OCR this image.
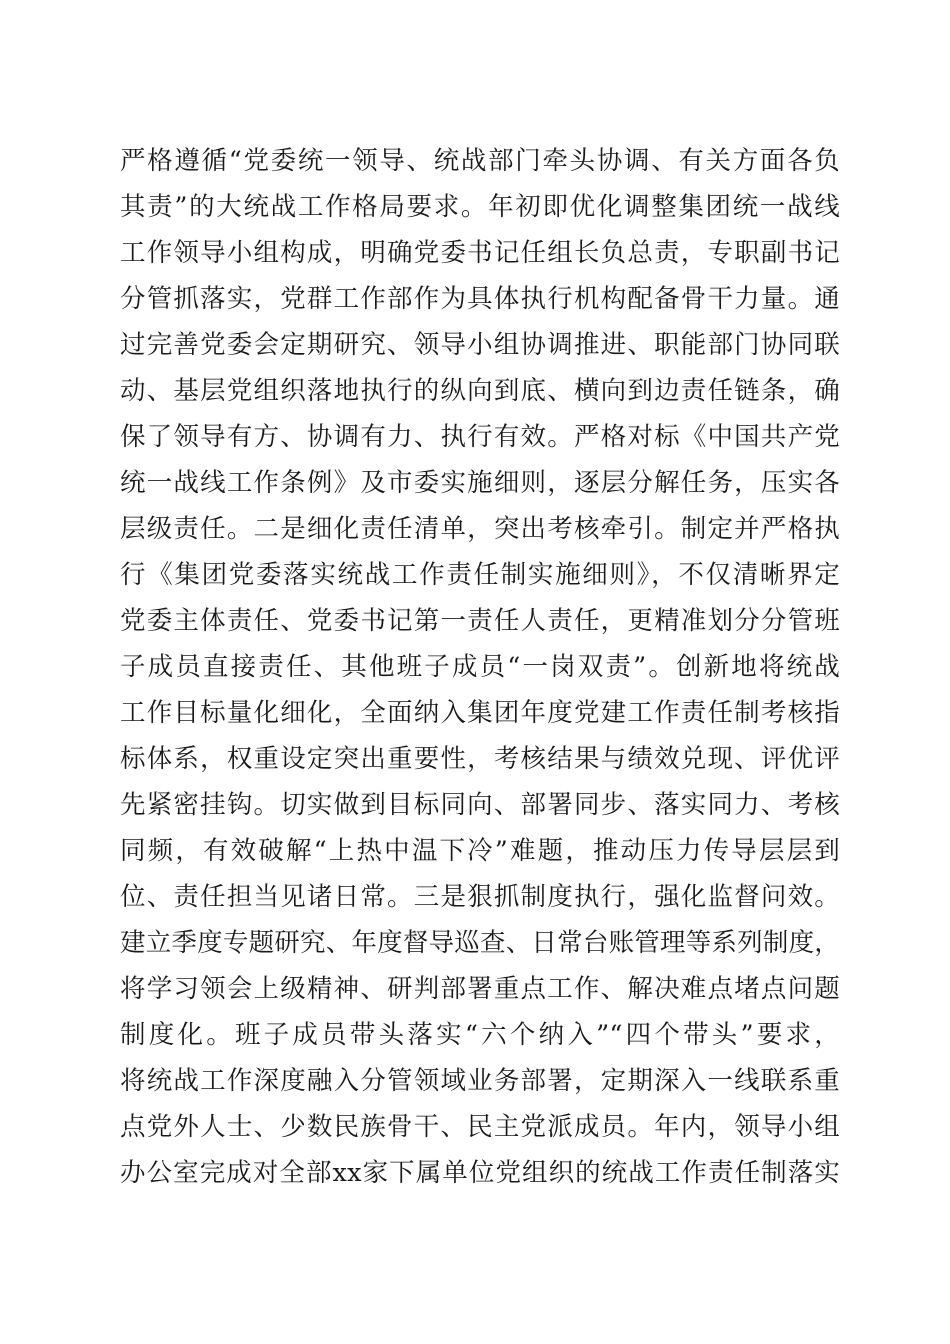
严格遵循“党委统一领导、统战部门牵头协调、有关方面各负
其责”的大统战工作格局要求。年初即优化调整集团统一战线
工作领导小组构成，明确党委书记任组长负总责，专职副书记
分管抓落实，党群工作部作为具体执行机构配备骨干力量。通
过完善党委会定期研究、领导小组协调推进、职能部门协同联
动、基层党组织落地执行的纵向到底、横向到边责任链条，确
保了领导有方、协调有力、执行有效。严格对标《中国共产党
统一战线工作条例》及市委实施细则，逐层分解任务，压实各
层级责任。二是细化责任清单，突出考核牵引。制定并严格执
行《集团党委落实统战工作责任制实施细则》，不仅清晰界定
党委主体责任、党委书记第一责任人责任，更精准划分分管班
子成员直接责任、其他班子成员“一岗双责”。创新地将统战
工作目标量化细化，全面纳入集团年度党建工作责任制考核指
标体系，权重设定突出重要性，考核结果与绩效兑现、评优评
先紧密挂钩。切实做到目标同向、部署同步、落实同力、考核
同频，有效破解“上热中温下冷”难题，推动压力传导层层到
位、责任担当见诸日常。三是狠抓制度执行，强化监督问效。
建立季度专题研究、年度督导巡查、日常台账管理等系列制度，
将学习领会上级精神、研判部署重点工作、解决难点堵点问题
制度化。班子成员带头落实“六个纳入”“四个带头”要求，
将统战工作深度融入分管领域业务部署，定期深入一线联系重
点党外人士、少数民族骨干、民主党派成员。年内，领导小组
办公室完成对全部xx家下属单位党组织的统战工作责任制落实
